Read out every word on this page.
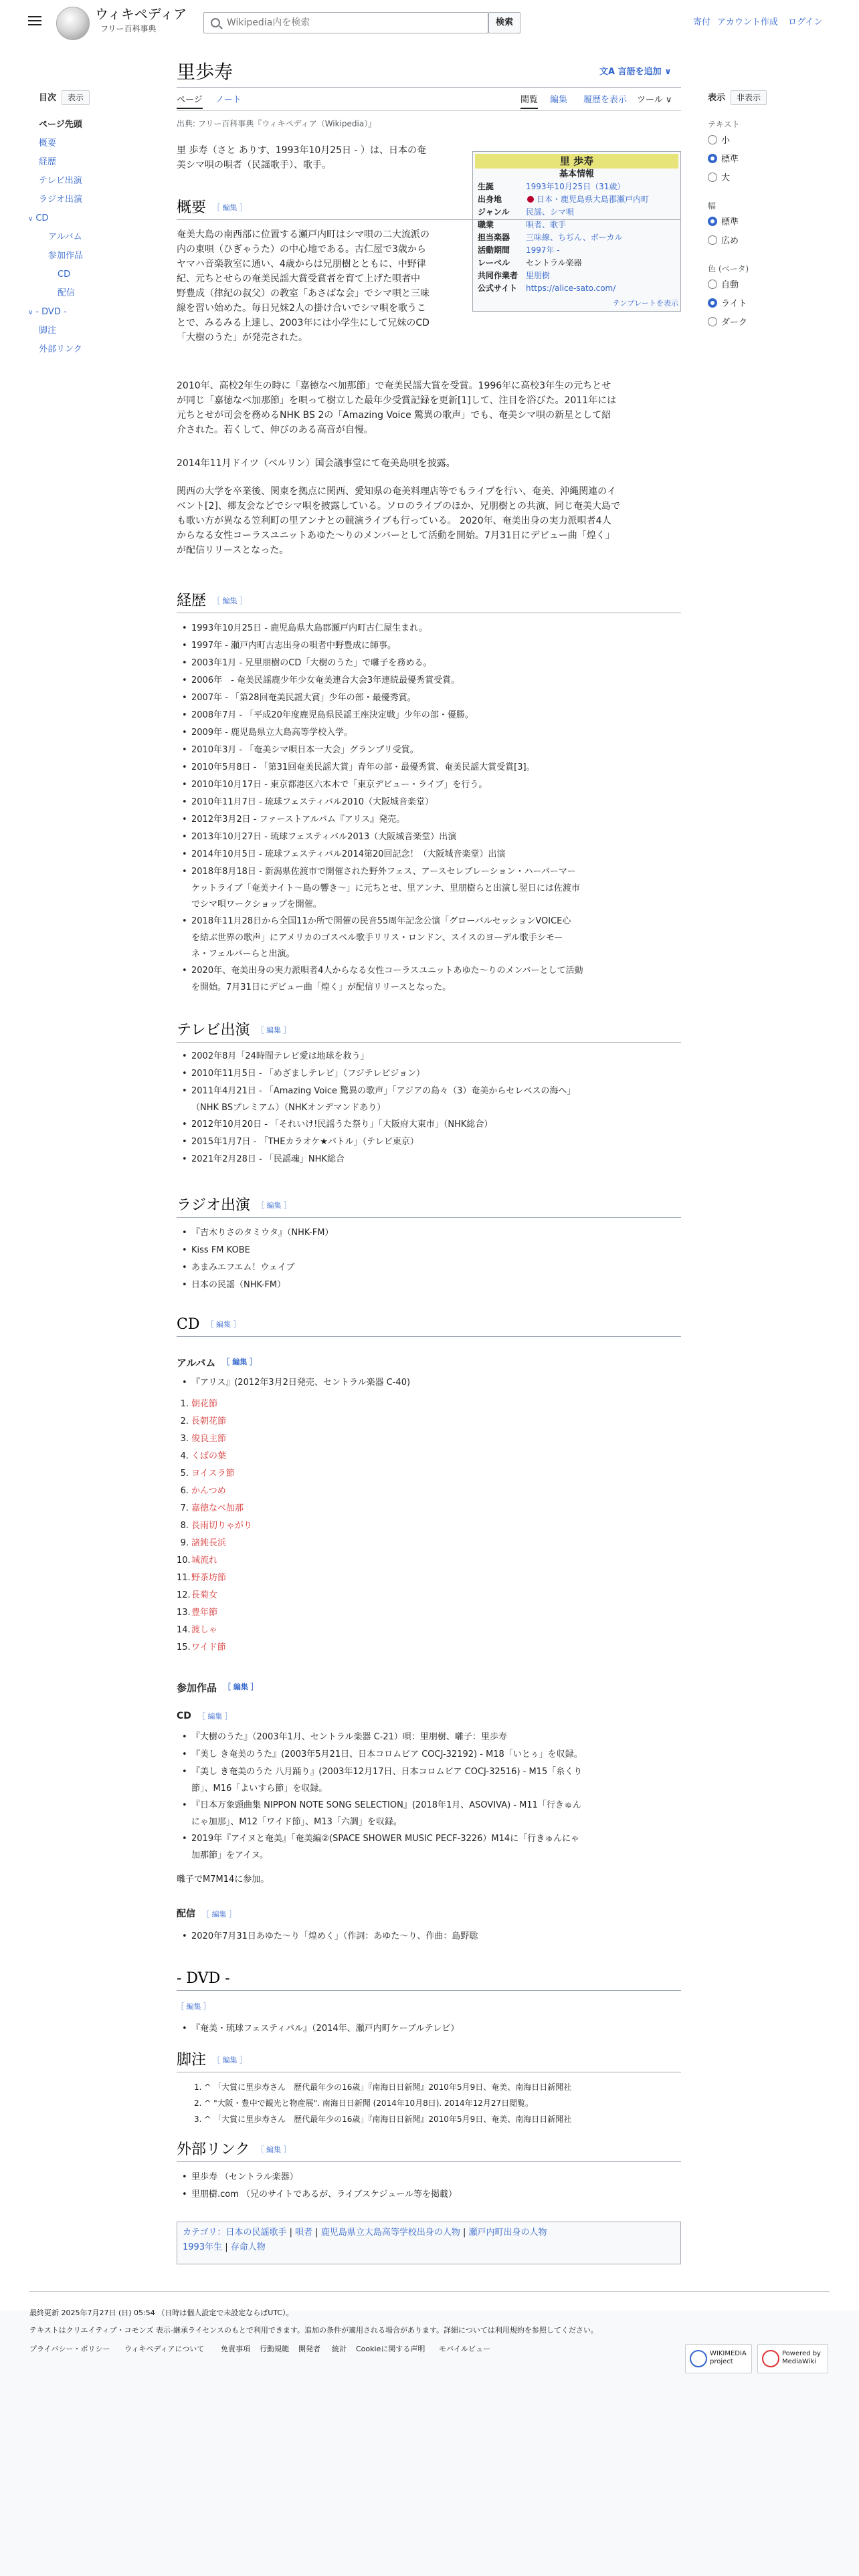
ウィキペディア
フリー百科事典
Wikipedia内を検索
検索	寄付 アカウント作成 ログイン
目次 表示
ページ先頭
概要
経歴
テレビ出演
ラジオ出演
∨ CD
アルバム
参加作品
CD
配信
∨ - DVD -
脚注
外部リンク
表示 非表示
テキスト
小
標準
大
幅
標準
広め
色 (ベータ)
自動
ライト
ダーク
里歩寿	文A 言語を追加 ∨
ページ ノート	閲覧 編集 履歴を表示 ツール ∨
出典: フリー百科事典『ウィキペディア（Wikipedia）』
里 歩寿
基本情報
生誕	1993年10月25日（31歳）
出身地	日本・鹿児島県大島郡瀬戸内町
ジャンル	民謡、シマ唄
職業	唄者、歌手
担当楽器	三味線、ちぢん、ボーカル
活動期間	1997年 -
レーベル	セントラル楽器
共同作業者	里朋樹
公式サイト	https://alice-sato.com/
テンプレートを表示
里 歩寿（さと ありす、1993年10月25日 - ）は、日本の奄
美シマ唄の唄者（民謡歌手）、歌手。
概要 ［ 編集 ］
奄美大島の南西部に位置する瀬戸内町はシマ唄の二大流派の
内の東唄（ひぎゃうた）の中心地である。古仁屋で3歳から
ヤマハ音楽教室に通い、4歳からは兄朋樹とともに、中野律
紀、元ちとせらの奄美民謡大賞受賞者を育て上げた唄者中
野豊成（律紀の叔父）の教室「あさばな会」でシマ唄と三味
線を習い始めた。毎日兄妹2人の掛け合いでシマ唄を歌うこ
とで、みるみる上達し、2003年には小学生にして兄妹のCD
「大樹のうた」が発売された。
2010年、高校2年生の時に「嘉徳なべ加那節」で奄美民謡大賞を受賞。1996年に高校3年生の元ちとせ
が同じ「嘉徳なべ加那節」を唄って樹立した最年少受賞記録を更新[1]して、注目を浴びた。2011年には
元ちとせが司会を務めるNHK BS 2の「Amazing Voice 驚異の歌声」でも、奄美シマ唄の新星として紹
介された。若くして、伸びのある高音が自慢。
2014年11月ドイツ（ベルリン）国会議事堂にて奄美島唄を披露。
関西の大学を卒業後、関東を拠点に関西、愛知県の奄美料理店等でもライブを行い、奄美、沖縄関連のイ
ベント[2]、郷友会などでシマ唄を披露している。ソロのライブのほか、兄朋樹との共演、同じ奄美大島で
も歌い方が異なる笠利町の里アンナとの競演ライブも行っている。 2020年、奄美出身の実力派唄者4人
からなる女性コーラスユニットあゆた～りのメンバーとして活動を開始。7月31日にデビュー曲「煌く」
が配信リリースとなった。
経歴 ［ 編集 ］
• 1993年10月25日 - 鹿児島県大島郡瀬戸内町古仁屋生まれ。
• 1997年 - 瀬戸内町古志出身の唄者中野豊成に師事。
• 2003年1月 - 兄里朋樹のCD「大樹のうた」で囃子を務める。
• 2006年　- 奄美民謡鹿少年少女奄美連合大会3年連続最優秀賞受賞。
• 2007年 - 「第28回奄美民謡大賞」少年の部・最優秀賞。
• 2008年7月 - 「平成20年度鹿児島県民謡王座決定戦」少年の部・優勝。
• 2009年 - 鹿児島県立大島高等学校入学。
• 2010年3月 - 「奄美シマ唄日本一大会」グランプリ受賞。
• 2010年5月8日 - 「第31回奄美民謡大賞」青年の部・最優秀賞、奄美民謡大賞受賞[3]。
• 2010年10月17日 - 東京都港区六本木で「東京デビュー・ライブ」を行う。
• 2010年11月7日 - 琉球フェスティバル2010（大阪城音楽堂）
• 2012年3月2日 - ファーストアルバム『アリス』発売。
• 2013年10月27日 - 琉球フェスティバル2013（大阪城音楽堂）出演
• 2014年10月5日 - 琉球フェスティバル2014第20回記念！（大阪城音楽堂）出演
• 2018年8月18日 - 新潟県佐渡市で開催された野外フェス、アースセレブレーション・ハーバーマー
ケットライブ「奄美ナイト～島の響き～」に元ちとせ、里アンナ、里朋樹らと出演し翌日には佐渡市
でシマ唄ワークショップを開催。
• 2018年11月28日から全国11か所で開催の民音55周年記念公演「グローバルセッションVOICE心
を結ぶ世界の歌声」にアメリカのゴスペル歌手リリス・ロンドン、スイスのヨーデル歌手シモー
ネ・フェルバーらと出演。
• 2020年、奄美出身の実力派唄者4人からなる女性コーラスユニットあゆた～りのメンバーとして活動
を開始。7月31日にデビュー曲「煌く」が配信リリースとなった。
テレビ出演 ［ 編集 ］
• 2002年8月「24時間テレビ愛は地球を救う」
• 2010年11月5日 - 「めざましテレビ」（フジテレビジョン）
• 2011年4月21日 - 「Amazing Voice 驚異の歌声」「アジアの島々（3）奄美からセレベスの海へ」
（NHK BSプレミアム）（NHKオンデマンドあり）
• 2012年10月20日 - 「それいけ!民謡うた祭り」「大阪府大東市」（NHK総合）
• 2015年1月7日 - 「THEカラオケ★バトル」（テレビ東京）
• 2021年2月28日 - 「民謡魂」NHK総合
ラジオ出演 ［ 編集 ］
• 『吉木りさのタミウタ』（NHK-FM）
• Kiss FM KOBE
• あまみエフエム！ウェイブ
• 日本の民謡（NHK-FM）
CD ［ 編集 ］
アルバム $^{[ 編集 ]}$
• 『アリス』(2012年3月2日発売、セントラル楽器 C-40)
1. 朝花節
2. 長朝花節
3. 俊良主節
4. くばの葉
5. ヨイスラ節
6. かんつめ
7. 嘉徳なべ加那
8. 長雨切りゃがり
9. 諸鈍長浜
10. 城流れ
11. 野茶坊節
12. 長菊女
13. 豊年節
14. 渡しゃ
15. ワイド節
参加作品 $^{[ 編集 ]}$
CD ［ 編集 ］
• 『大樹のうた』（2003年1月、セントラル楽器 C-21）唄：里朋樹、囃子：里歩寿
• 『美し き奄美のうた』(2003年5月21日、日本コロムビア COCJ-32192) - M18「いとぅ」を収録。
• 『美し き奄美のうた 八月踊り』(2003年12月17日、日本コロムビア COCJ-32516) - M15「糸くり
節」、M16「よいすら節」を収録。
• 『日本万象頭曲集 NIPPON NOTE SONG SELECTION』(2018年1月、ASOVIVA) - M11「行きゅん
にゃ加那」、M12「ワイド節」、M13「六調」を収録。
• 2019年『アイヌと奄美』「奄美編②(SPACE SHOWER MUSIC PECF-3226）M14に「行きゅんにゃ
加那節」をアイヌ。
囃子でM7M14に参加。
配信 ［ 編集 ］
• 2020年7月31日あゆた～り「煌めく」（作詞：あゆた～り、作曲：島野聡
- DVD -
［ 編集 ］
• 『奄美・琉球フェスティバル』（2014年、瀬戸内町ケーブルテレビ）
脚注 ［ 編集 ］
1. ^ 「大賞に里歩寿さん　歴代最年少の16歳」『南海日日新聞』2010年5月9日、奄美、南海日日新聞社
2. ^ "大阪・豊中で観光と物産展". 南海日日新聞 (2014年10月8日). 2014年12月27日閲覧。
3. ^ 「大賞に里歩寿さん　歴代最年少の16歳」『南海日日新聞』2010年5月9日、奄美、南海日日新聞社
外部リンク ［ 編集 ］
• 里歩寿 （セントラル楽器）
• 里朋樹.com （兄のサイトであるが、ライブスケジュール等を掲載）
カテゴリ：日本の民謡歌手 | 唄者 | 鹿児島県立大島高等学校出身の人物 | 瀬戸内町出身の人物
1993年生 | 存命人物
最終更新 2025年7月27日 (日) 05:54 （日時は個人設定で未設定ならばUTC）。
テキストはクリエイティブ・コモンズ 表示-継承ライセンスのもとで利用できます。追加の条件が適用される場合があります。詳細については利用規約を参照してください。
プライバシー・ポリシー ウィキペディアについて 免責事項 行動規範 開発者 統計 Cookieに関する声明 モバイルビュー
WIKIMEDIA project
Powered by MediaWiki
